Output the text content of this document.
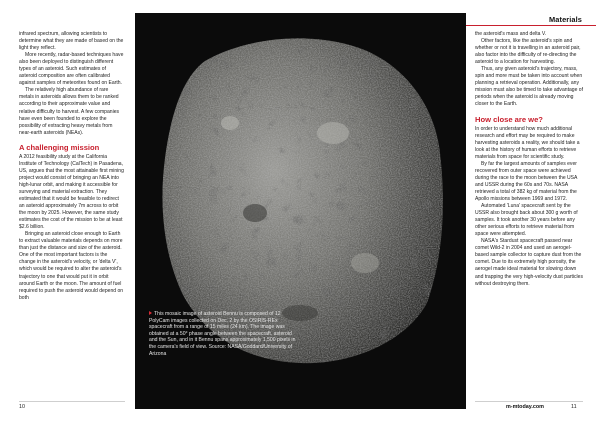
Materials

infrared spectrum, allowing scientists to determine what they are made of based on the light they reflect.

More recently, radar-based techniques have also been deployed to distinguish different types of an asteroid. Such estimates of asteroid composition are often calibrated against samples of meteorites found on Earth.

The relatively high abundance of rare metals in asteroids allows them to be ranked according to their approximate value and relative difficulty to harvest. A few companies have even been founded to explore the possibility of extracting heavy metals from near-earth asteroids (NEAs).

A challenging mission

A 2012 feasibility study at the California Institute of Technology (CalTech) in Pasadena, US, argues that the most attainable first mining project would consist of bringing an NEA into high-lunar orbit, and making it accessible for surveying and material extraction. They estimated that it would be feasible to redirect an asteroid approximately 7m across to orbit the moon by 2025. However, the same study estimates the cost of the mission to be at least $2.6 billion.

Bringing an asteroid close enough to Earth to extract valuable materials depends on more than just the distance and size of the asteroid. One of the most important factors is the change in the asteroid's velocity, or 'delta V', which would be required to alter the asteroid's trajectory to one that would put it in orbit around Earth or the moon. The amount of fuel required to push the asteroid would depend on both

This mosaic image of asteroid Bennu is composed of 12 PolyCam images collected on Dec. 2 by the OSIRIS-REx spacecraft from a range of 15 miles (24 km). The image was obtained at a 50° phase angle between the spacecraft, asteroid and the Sun, and in it Bennu spans approximately 1,500 pixels in the camera's field of view. Source: NASA/Goddard/University of Arizona

the asteroid's mass and delta V.

Other factors, like the asteroid's spin and whether or not it is travelling in an asteroid pair, also factor into the difficulty of re-directing the asteroid to a location for harvesting.

Thus, any given asteroid's trajectory, mass, spin and more must be taken into account when planning a retrieval operation. Additionally, any mission must also be timed to take advantage of periods when the asteroid is already moving closer to the Earth.

How close are we?

In order to understand how much additional research and effort may be required to make harvesting asteroids a reality, we should take a look at the history of human efforts to retrieve materials from space for scientific study.

By far the largest amounts of samples ever recovered from outer space were achieved during the race to the moon between the USA and USSR during the 60s and 70s. NASA retrieved a total of 382 kg of material from the Apollo missions between 1969 and 1972.

Automated 'Luna' spacecraft sent by the USSR also brought back about 300 g worth of samples. It took another 30 years before any other serious efforts to retrieve material from space were attempted.

NASA's Stardust spacecraft passed near comet Wild-2 in 2004 and used an aerogel-based sample collector to capture dust from the comet. Due to its extremely high porosity, the aerogel made ideal material for slowing down and trapping the very high-velocity dust particles without destroying them.

10	m-mtoday.com	11
